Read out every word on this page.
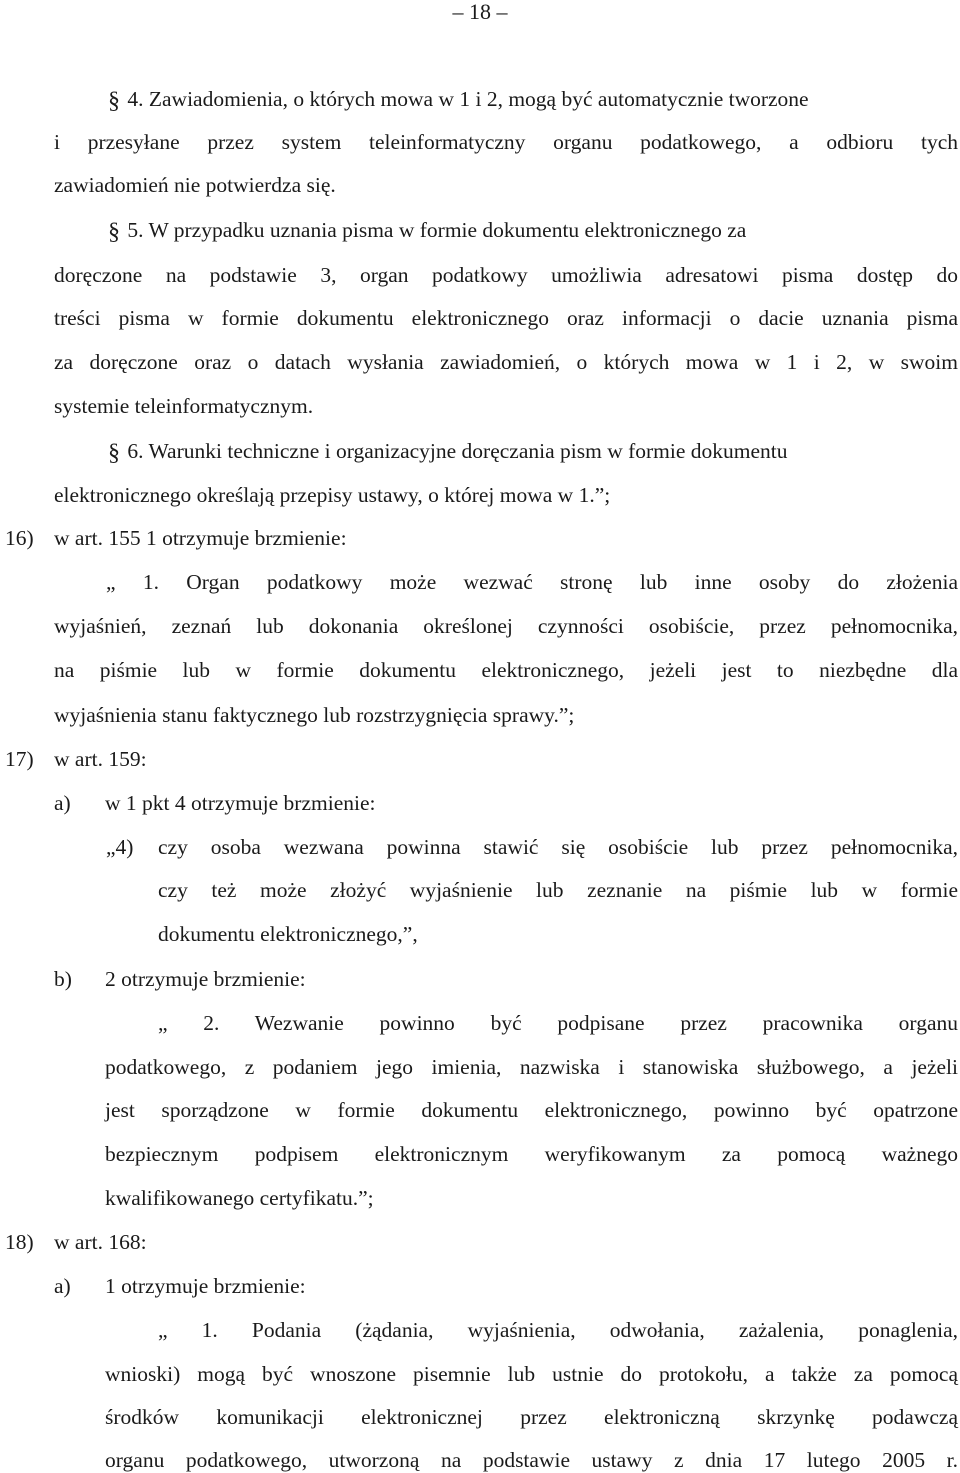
– 18 –
§ 4. Zawiadomienia, o których mowa w 1 i 2, mogą być automatycznie tworzone
i przesyłane przez system teleinformatyczny organu podatkowego, a odbioru tych
zawiadomień nie potwierdza się.
§ 5. W przypadku uznania pisma w formie dokumentu elektronicznego za
doręczone na podstawie 3, organ podatkowy umożliwia adresatowi pisma dostęp do
treści pisma w formie dokumentu elektronicznego oraz informacji o dacie uznania pisma
za doręczone oraz o datach wysłania zawiadomień, o których mowa w 1 i 2, w swoim
systemie teleinformatycznym.
§ 6. Warunki techniczne i organizacyjne doręczania pism w formie dokumentu
elektronicznego określają przepisy ustawy, o której mowa w 1.”;
16) w art. 155 1 otrzymuje brzmienie:
„ 1. Organ podatkowy może wezwać stronę lub inne osoby do złożenia
wyjaśnień, zeznań lub dokonania określonej czynności osobiście, przez pełnomocnika,
na piśmie lub w formie dokumentu elektronicznego, jeżeli jest to niezbędne dla
wyjaśnienia stanu faktycznego lub rozstrzygnięcia sprawy.”;
17) w art. 159:
a) w 1 pkt 4 otrzymuje brzmienie:
„4) czy osoba wezwana powinna stawić się osobiście lub przez pełnomocnika,
czy też może złożyć wyjaśnienie lub zeznanie na piśmie lub w formie
dokumentu elektronicznego,”,
b) 2 otrzymuje brzmienie:
„ 2. Wezwanie powinno być podpisane przez pracownika organu
podatkowego, z podaniem jego imienia, nazwiska i stanowiska służbowego, a jeżeli
jest sporządzone w formie dokumentu elektronicznego, powinno być opatrzone
bezpiecznym podpisem elektronicznym weryfikowanym za pomocą ważnego
kwalifikowanego certyfikatu.”;
18) w art. 168:
a) 1 otrzymuje brzmienie:
„ 1. Podania (żądania, wyjaśnienia, odwołania, zażalenia, ponaglenia,
wnioski) mogą być wnoszone pisemnie lub ustnie do protokołu, a także za pomocą
środków komunikacji elektronicznej przez elektroniczną skrzynkę podawczą
organu podatkowego, utworzoną na podstawie ustawy z dnia 17 lutego 2005 r.
